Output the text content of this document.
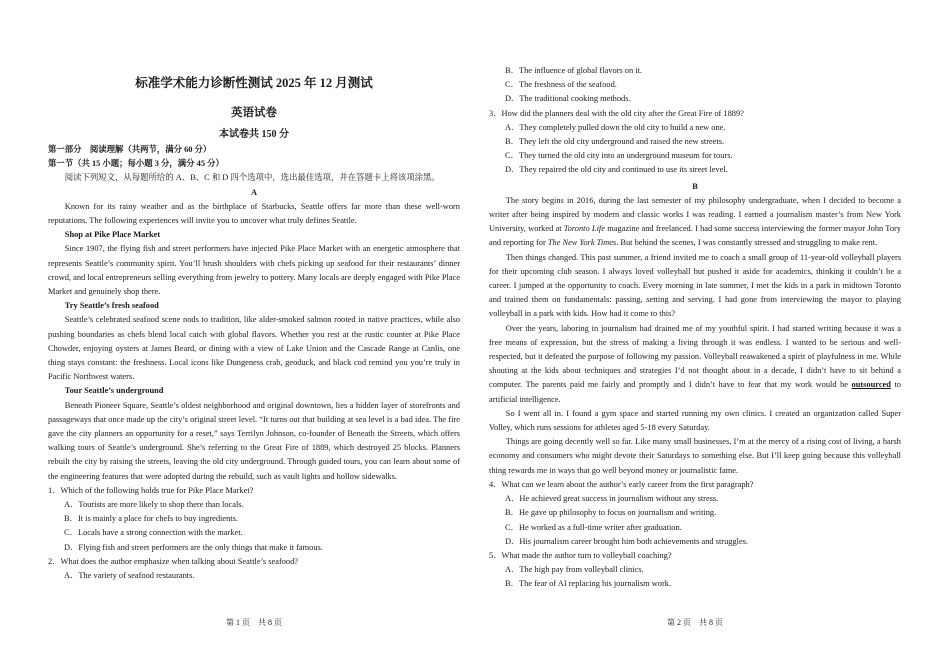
标准学术能力诊断性测试 2025 年 12 月测试
英语试卷
本试卷共 150 分

第一部分　阅读理解（共两节，满分 60 分）

第一节（共 15 小题；每小题 3 分，满分 45 分）

阅读下列短文，从每题所给的 A、B、C 和 D 四个选项中，选出最佳选项，并在答题卡上将该项涂黑。

A

Known for its rainy weather and as the birthplace of Starbucks, Seattle offers far more than these well-worn reputations. The following experiences will invite you to uncover what truly defines Seattle.

Shop at Pike Place Market

Since 1907, the flying fish and street performers have injected Pike Place Market with an energetic atmosphere that represents Seattle’s community spirit. You’ll brush shoulders with chefs picking up seafood for their restaurants’ dinner crowd, and local entrepreneurs selling everything from jewelry to pottery. Many locals are deeply engaged with Pike Place Market and genuinely shop there.

Try Seattle’s fresh seafood

Seattle’s celebrated seafood scene nods to tradition, like alder-smoked salmon rooted in native practices, while also pushing boundaries as chefs blend local catch with global flavors. Whether you rest at the rustic counter at Pike Place Chowder, enjoying oysters at James Beard, or dining with a view of Lake Union and the Cascade Range at Canlis, one thing stays constant: the freshness. Local icons like Dungeness crab, geoduck, and black cod remind you you’re truly in Pacific Northwest waters.

Tour Seattle’s underground

Beneath Pioneer Square, Seattle’s oldest neighborhood and original downtown, lies a hidden layer of storefronts and passageways that once made up the city’s original street level. “It turns out that building at sea level is a bad idea. The fire gave the city planners an opportunity for a reset,” says Terrilyn Johnson, co-founder of Beneath the Streets, which offers walking tours of Seattle’s underground. She’s referring to the Great Fire of 1889, which destroyed 25 blocks. Planners rebuilt the city by raising the streets, leaving the old city underground. Through guided tours, you can learn about some of the engineering features that were adopted during the rebuild, such as vault lights and hollow sidewalks.

1．Which of the following holds true for Pike Place Market?

A．Tourists are more likely to shop there than locals.

B．It is mainly a place for chefs to buy ingredients.

C．Locals have a strong connection with the market.

D．Flying fish and street performers are the only things that make it famous.

2．What does the author emphasize when talking about Seattle’s seafood?

A．The variety of seafood restaurants.

第 1 页　共 8 页

B．The influence of global flavors on it.

C．The freshness of the seafood.

D．The traditional cooking methods.

3．How did the planners deal with the old city after the Great Fire of 1889?

A．They completely pulled down the old city to build a new one.

B．They left the old city underground and raised the new streets.

C．They turned the old city into an underground museum for tours.

D．They repaired the old city and continued to use its street level.

B

The story begins in 2016, during the last semester of my philosophy undergraduate, when I decided to become a writer after being inspired by modern and classic works I was reading. I earned a journalism master’s from New York University, worked at Toronto Life magazine and freelanced. I had some success interviewing the former mayor John Tory and reporting for The New York Times. But behind the scenes, I was constantly stressed and struggling to make rent.

Then things changed. This past summer, a friend invited me to coach a small group of 11-year-old volleyball players for their upcoming club season. I always loved volleyball but pushed it aside for academics, thinking it couldn’t be a career. I jumped at the opportunity to coach. Every morning in late summer, I met the kids in a park in midtown Toronto and trained them on fundamentals: passing, setting and serving. I had gone from interviewing the mayor to playing volleyball in a park with kids. How had it come to this?

Over the years, laboring in journalism had drained me of my youthful spirit. I had started writing because it was a free means of expression, but the stress of making a living through it was endless. I wanted to be serious and well-respected, but it defeated the purpose of following my passion. Volleyball reawakened a spirit of playfulness in me. While shouting at the kids about techniques and strategies I’d not thought about in a decade, I didn’t have to sit behind a computer. The parents paid me fairly and promptly and I didn’t have to fear that my work would be outsourced to artificial intelligence.

So I went all in. I found a gym space and started running my own clinics. I created an organization called Super Volley, which runs sessions for athletes aged 5-18 every Saturday.

Things are going decently well so far. Like many small businesses, I’m at the mercy of a rising cost of living, a harsh economy and consumers who might devote their Saturdays to something else. But I’ll keep going because this volleyball thing rewards me in ways that go well beyond money or journalistic fame.

4．What can we learn about the author’s early career from the first paragraph?

A．He achieved great success in journalism without any stress.

B．He gave up philosophy to focus on journalism and writing.

C．He worked as a full-time writer after graduation.

D．His journalism career brought him both achievements and struggles.

5．What made the author turn to volleyball coaching?

A．The high pay from volleyball clinics.

B．The fear of AI replacing his journalism work.

第 2 页　共 8 页
